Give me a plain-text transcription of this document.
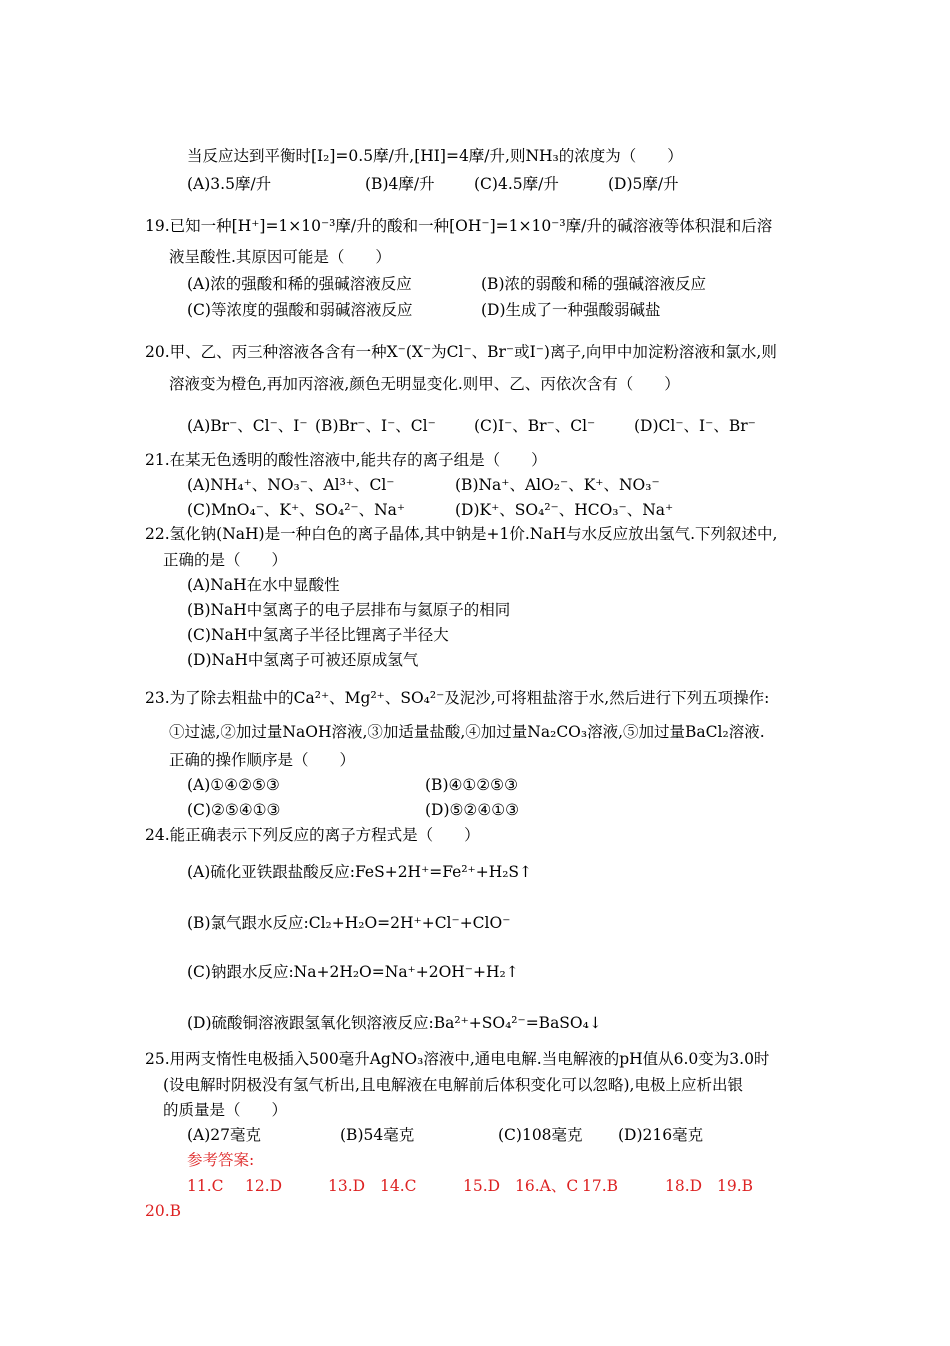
当反应达到平衡时[I₂]=0.5摩/升,[HI]=4摩/升,则NH₃的浓度为（　　）
(A)3.5摩/升	(B)4摩/升	(C)4.5摩/升	(D)5摩/升
19.已知一种[H⁺]=1×10⁻³摩/升的酸和一种[OH⁻]=1×10⁻³摩/升的碱溶液等体积混和后溶
液呈酸性.其原因可能是（　　）
(A)浓的强酸和稀的强碱溶液反应	(B)浓的弱酸和稀的强碱溶液反应
(C)等浓度的强酸和弱碱溶液反应	(D)生成了一种强酸弱碱盐
20.甲、乙、丙三种溶液各含有一种X⁻(X⁻为Cl⁻、Br⁻或I⁻)离子,向甲中加淀粉溶液和氯水,则
溶液变为橙色,再加丙溶液,颜色无明显变化.则甲、乙、丙依次含有（　　）
(A)Br⁻、Cl⁻、I⁻ (B)Br⁻、I⁻、Cl⁻ (C)I⁻、Br⁻、Cl⁻	(D)Cl⁻、I⁻、Br⁻
21.在某无色透明的酸性溶液中,能共存的离子组是（　　）
(A)NH₄⁺、NO₃⁻、Al³⁺、Cl⁻	(B)Na⁺、AlO₂⁻、K⁺、NO₃⁻
(C)MnO₄⁻、K⁺、SO₄²⁻、Na⁺	(D)K⁺、SO₄²⁻、HCO₃⁻、Na⁺
22.氢化钠(NaH)是一种白色的离子晶体,其中钠是+1价.NaH与水反应放出氢气.下列叙述中,
正确的是（　　）
(A)NaH在水中显酸性
(B)NaH中氢离子的电子层排布与氦原子的相同
(C)NaH中氢离子半径比锂离子半径大
(D)NaH中氢离子可被还原成氢气
23.为了除去粗盐中的Ca²⁺、Mg²⁺、SO₄²⁻及泥沙,可将粗盐溶于水,然后进行下列五项操作:
①过滤,②加过量NaOH溶液,③加适量盐酸,④加过量Na₂CO₃溶液,⑤加过量BaCl₂溶液.
正确的操作顺序是（　　）
(A)①④②⑤③	(B)④①②⑤③
(C)②⑤④①③	(D)⑤②④①③
24.能正确表示下列反应的离子方程式是（　　）
(A)硫化亚铁跟盐酸反应:FeS+2H⁺=Fe²⁺+H₂S↑
(B)氯气跟水反应:Cl₂+H₂O=2H⁺+Cl⁻+ClO⁻
(C)钠跟水反应:Na+2H₂O=Na⁺+2OH⁻+H₂↑
(D)硫酸铜溶液跟氢氧化钡溶液反应:Ba²⁺+SO₄²⁻=BaSO₄↓
25.用两支惰性电极插入500毫升AgNO₃溶液中,通电电解.当电解液的pH值从6.0变为3.0时
(设电解时阴极没有氢气析出,且电解液在电解前后体积变化可以忽略),电极上应析出银
的质量是（　　）
(A)27毫克	(B)54毫克	(C)108毫克 (D)216毫克
参考答案:
11.C 12.D	13.D 14.C	15.D 16.A、C 17.B	18.D 19.B
20.B
